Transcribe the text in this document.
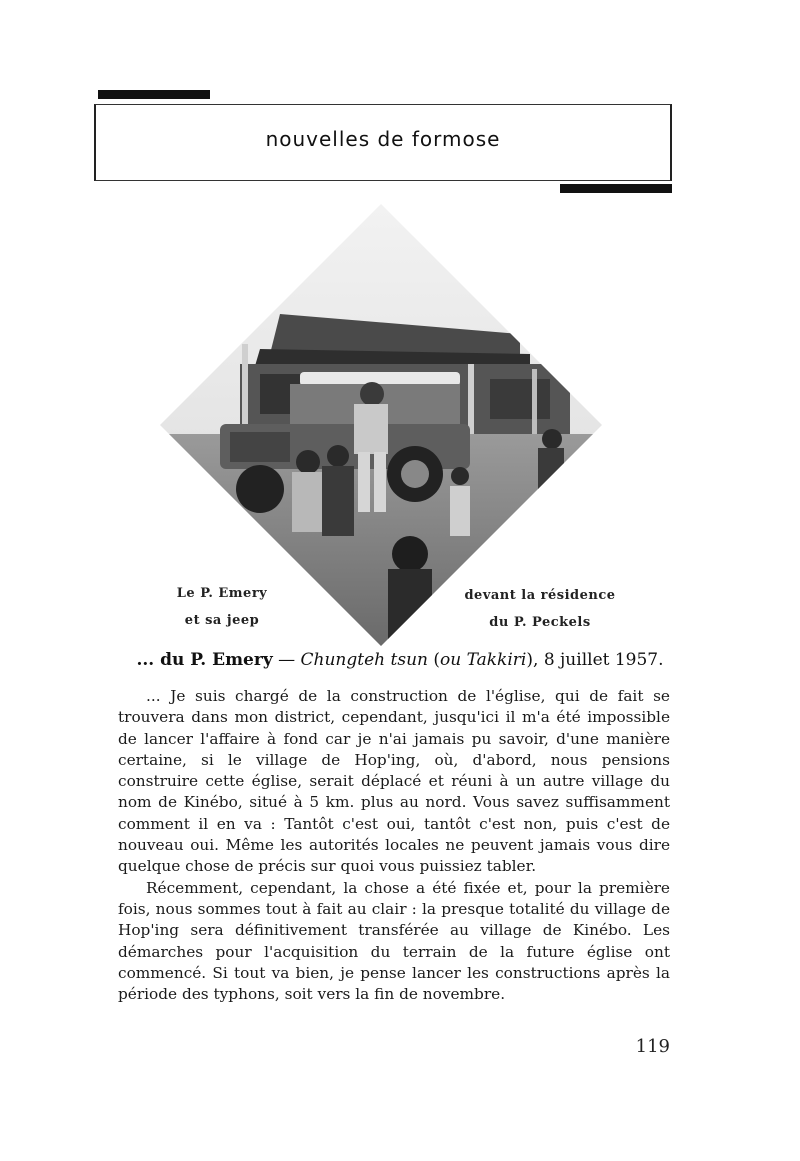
nouvelles de formose
Le P. Emery
et sa jeep
devant la résidence
du P. Peckels
... du P. Emery — Chungteh tsun (ou Takkiri), 8 juillet 1957.

... Je suis chargé de la construction de l'église, qui de fait se trouvera dans mon district, cependant, jusqu'ici il m'a été impossible de lancer l'affaire à fond car je n'ai jamais pu savoir, d'une manière certaine, si le village de Hop'ing, où, d'abord, nous pensions construire cette église, serait déplacé et réuni à un autre village du nom de Kinébo, situé à 5 km. plus au nord. Vous savez suffisamment comment il en va : Tantôt c'est oui, tantôt c'est non, puis c'est de nouveau oui. Même les autorités locales ne peuvent jamais vous dire quelque chose de précis sur quoi vous puissiez tabler.

Récemment, cependant, la chose a été fixée et, pour la première fois, nous sommes tout à fait au clair : la presque totalité du village de Hop'ing sera définitivement transférée au village de Kinébo. Les démarches pour l'acquisition du terrain de la future église ont commencé. Si tout va bien, je pense lancer les constructions après la période des typhons, soit vers la fin de novembre.

119
